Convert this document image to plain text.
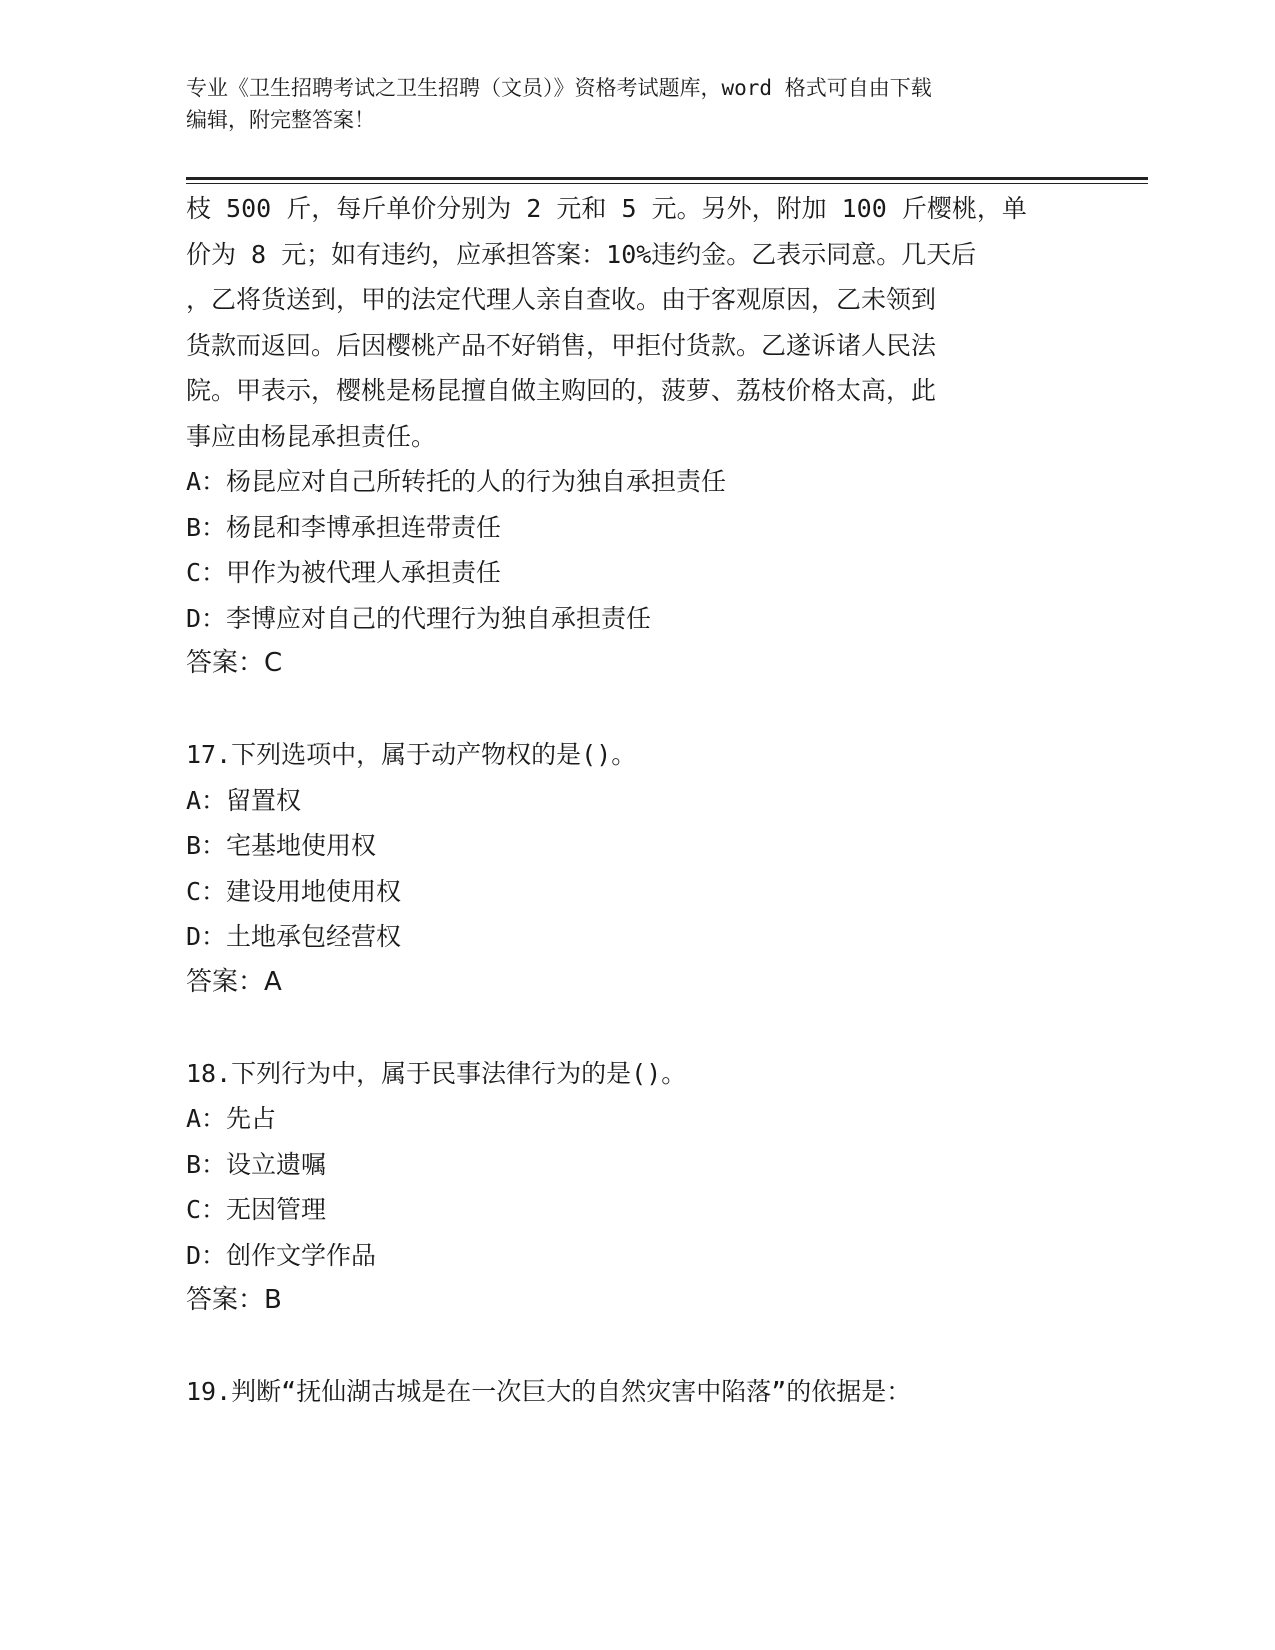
专业《卫生招聘考试之卫生招聘（文员）》资格考试题库，word 格式可自由下载
编辑，附完整答案！
枝 500 斤，每斤单价分别为 2 元和 5 元。另外，附加 100 斤樱桃，单
价为 8 元；如有违约，应承担答案：10%违约金。乙表示同意。几天后
，乙将货送到，甲的法定代理人亲自查收。由于客观原因，乙未领到
货款而返回。后因樱桃产品不好销售，甲拒付货款。乙遂诉诸人民法
院。甲表示，樱桃是杨昆擅自做主购回的，菠萝、荔枝价格太高，此
事应由杨昆承担责任。
A：杨昆应对自己所转托的人的行为独自承担责任
B：杨昆和李博承担连带责任
C：甲作为被代理人承担责任
D：李博应对自己的代理行为独自承担责任
答案：C
17.下列选项中，属于动产物权的是()。
A：留置权
B：宅基地使用权
C：建设用地使用权
D：土地承包经营权
答案：A
18.下列行为中，属于民事法律行为的是()。
A：先占
B：设立遗嘱
C：无因管理
D：创作文学作品
答案：B
19.判断“抚仙湖古城是在一次巨大的自然灾害中陷落”的依据是：
